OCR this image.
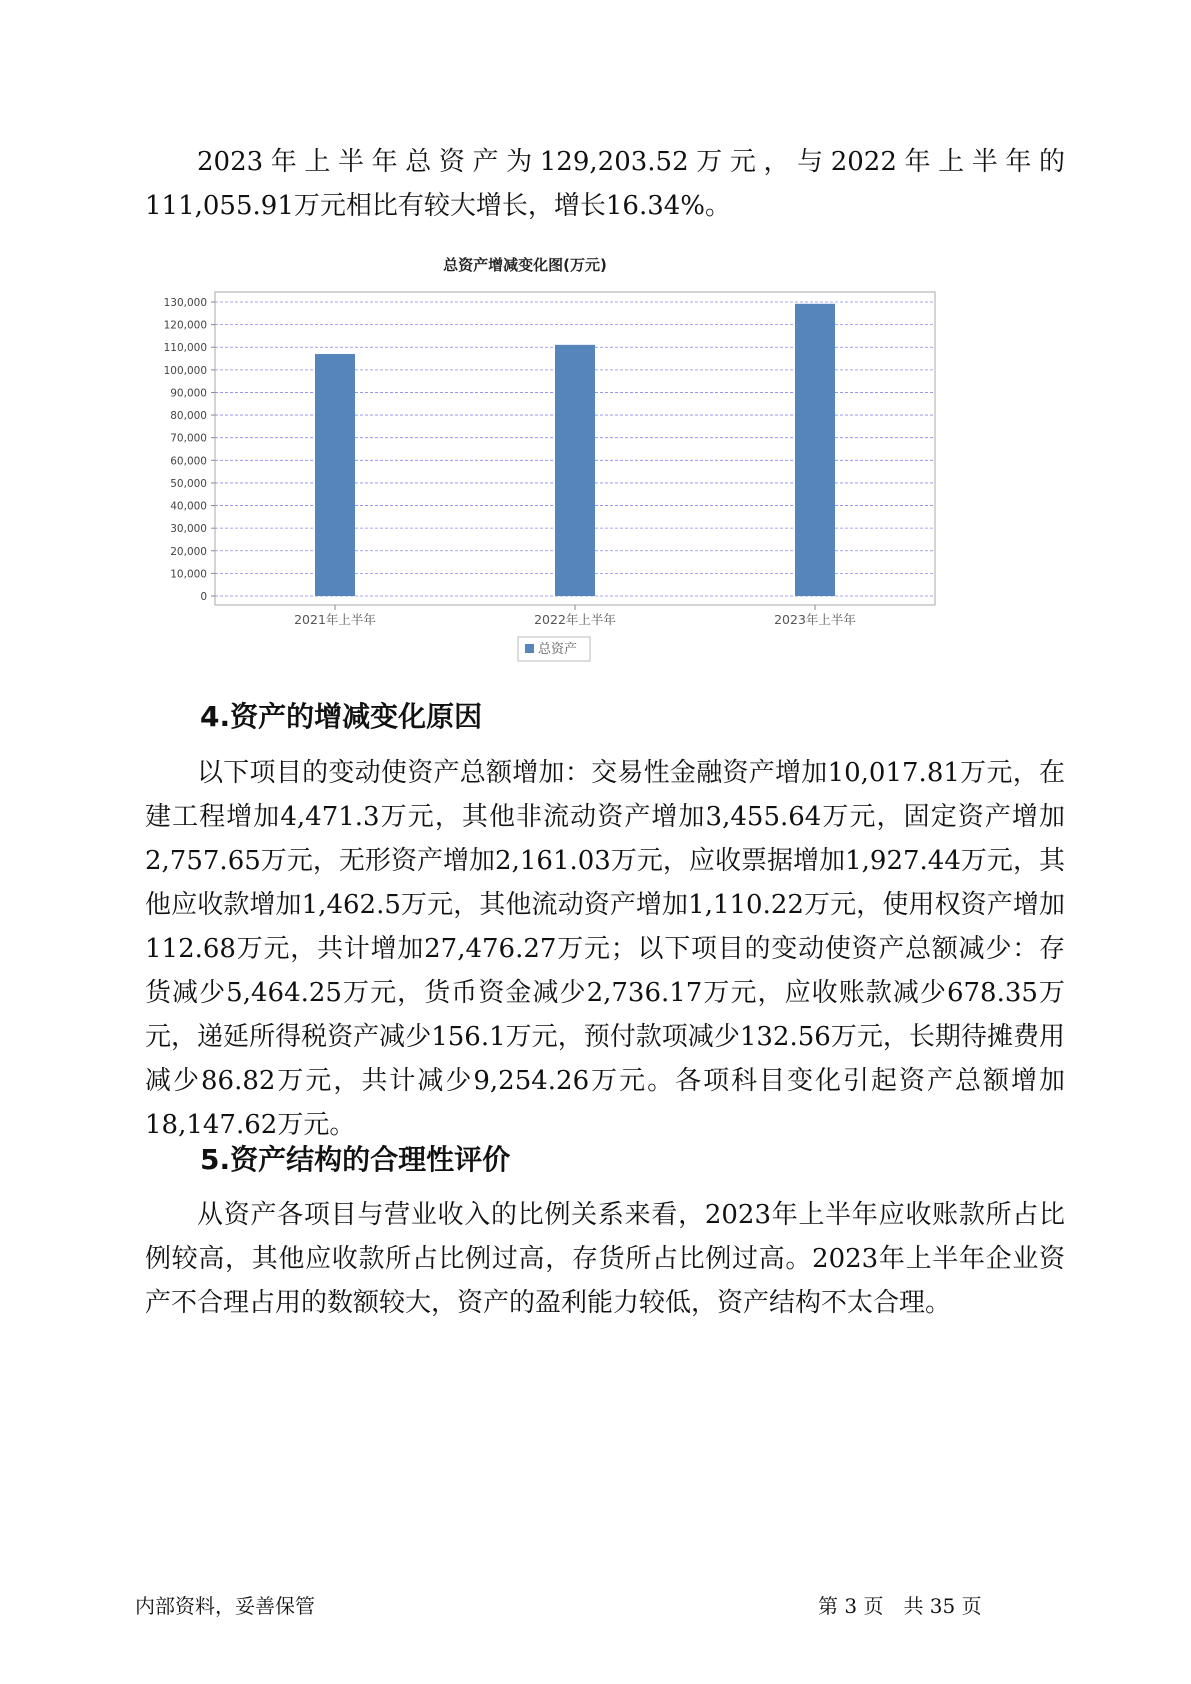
2023年上半年总资产为129,203.52万元，与2022年上半年的111,055.91万元相比有较大增长，增长16.34%。

总资产增减变化图(万元)
0
10,000
20,000
30,000
40,000
50,000
60,000
70,000
80,000
90,000
100,000
110,000
120,000
130,000
2021年上半年	2022年上半年	2023年上半年
总资产
4.资产的增减变化原因

以下项目的变动使资产总额增加：交易性金融资产增加10,017.81万元，在建工程增加4,471.3万元，其他非流动资产增加3,455.64万元，固定资产增加2,757.65万元，无形资产增加2,161.03万元，应收票据增加1,927.44万元，其他应收款增加1,462.5万元，其他流动资产增加1,110.22万元，使用权资产增加112.68万元，共计增加27,476.27万元；以下项目的变动使资产总额减少：存货减少5,464.25万元，货币资金减少2,736.17万元，应收账款减少678.35万元，递延所得税资产减少156.1万元，预付款项减少132.56万元，长期待摊费用减少86.82万元，共计减少9,254.26万元。各项科目变化引起资产总额增加18,147.62万元。

5.资产结构的合理性评价

从资产各项目与营业收入的比例关系来看，2023年上半年应收账款所占比例较高，其他应收款所占比例过高，存货所占比例过高。2023年上半年企业资产不合理占用的数额较大，资产的盈利能力较低，资产结构不太合理。

内部资料，妥善保管	第 3 页　共 35 页
